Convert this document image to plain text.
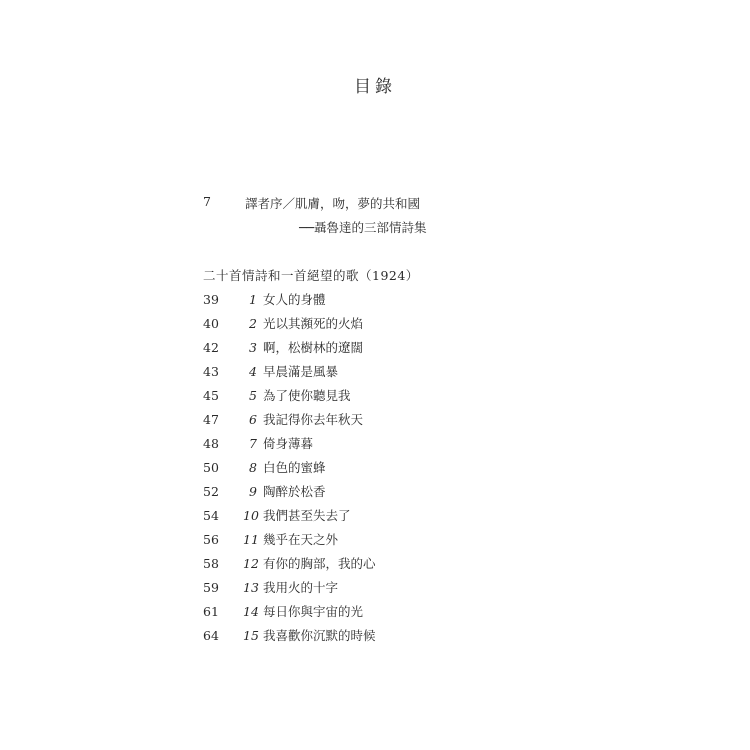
目錄
7	譯者序／肌膚，吻，夢的共和國
──聶魯達的三部情詩集
二十首情詩和一首絕望的歌（1924）
39	1 女人的身體
40	2 光以其瀕死的火焰
42	3 啊，松樹林的遼闊
43	4 早晨滿是風暴
45	5 為了使你聽見我
47	6 我記得你去年秋天
48	7 倚身薄暮
50	8 白色的蜜蜂
52	9 陶醉於松香
54 10 我們甚至失去了
56 11 幾乎在天之外
58 12 有你的胸部，我的心
59 13 我用火的十字
61 14 每日你與宇宙的光
64 15 我喜歡你沉默的時候
